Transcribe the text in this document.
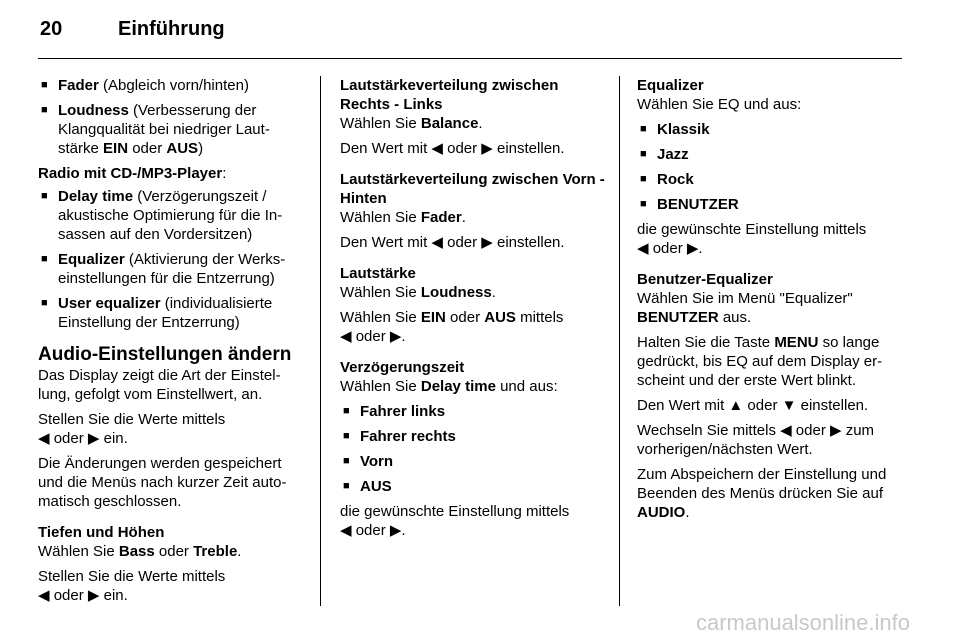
20	Einführung
■ Fader (Abgleich vorn/hinten)
■ Loudness (Verbesserung der Klangqualität bei niedriger Lautstärke EIN oder AUS)

Radio mit CD-/MP3-Player:

■ Delay time (Verzögerungszeit / akustische Optimierung für die Insassen auf den Vordersitzen)
■ Equalizer (Aktivierung der Werkseinstellungen für die Entzerrung)
■ User equalizer (individualisierte Einstellung der Entzerrung)
Audio-Einstellungen ändern

Das Display zeigt die Art der Einstellung, gefolgt vom Einstellwert, an.

Stellen Sie die Werte mittels
◀ oder ▶ ein.

Die Änderungen werden gespeichert und die Menüs nach kurzer Zeit automatisch geschlossen.

Tiefen und Höhen

Wählen Sie Bass oder Treble.

Stellen Sie die Werte mittels
◀ oder ▶ ein.

Lautstärkeverteilung zwischen Rechts - Links

Wählen Sie Balance.

Den Wert mit ◀ oder ▶ einstellen.

Lautstärkeverteilung zwischen Vorn - Hinten

Wählen Sie Fader.

Den Wert mit ◀ oder ▶ einstellen.

Lautstärke

Wählen Sie Loudness.

Wählen Sie EIN oder AUS mittels
◀ oder ▶.

Verzögerungszeit

Wählen Sie Delay time und aus:

■ Fahrer links
■ Fahrer rechts
■ Vorn
■ AUS

die gewünschte Einstellung mittels
◀ oder ▶.

Equalizer

Wählen Sie EQ und aus:

■ Klassik
■ Jazz
■ Rock
■ BENUTZER

die gewünschte Einstellung mittels
◀ oder ▶.

Benutzer-Equalizer

Wählen Sie im Menü "Equalizer"
BENUTZER aus.

Halten Sie die Taste MENU so lange gedrückt, bis EQ auf dem Display erscheint und der erste Wert blinkt.

Den Wert mit ▲ oder ▼ einstellen.

Wechseln Sie mittels ◀ oder ▶ zum vorherigen/nächsten Wert.

Zum Abspeichern der Einstellung und Beenden des Menüs drücken Sie auf AUDIO.

carmanualsonline.info
